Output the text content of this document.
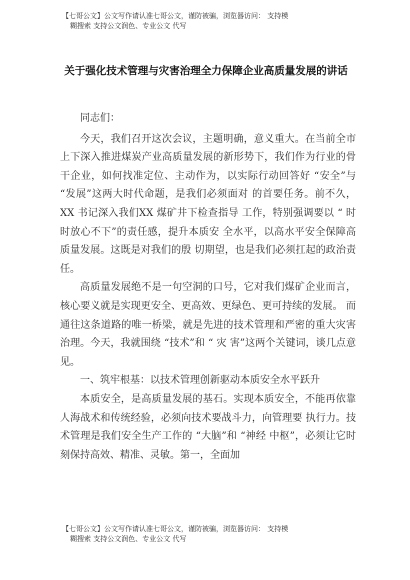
【七哥公文】公文写作请认准七哥公文，谨防被骗，浏览器访问： 支持模
糊搜索 支持公文润色、专业公文 代写
关于强化技术管理与灾害治理全力保障企业高质量发展的讲话

同志们：

今天，我们召开这次会议，主题明确，意义重大。在当前全市上下深入推进煤炭产业高质量发展的新形势下，我们作为行业的骨干企业，如何找准定位、主动作为，以实际行动回答好 “安全”与 “发展”这两大时代命题，是我们必须面对 的首要任务。前不久，XX 书记深入我们XX 煤矿井下检查指导 工作，特别强调要以 “ 时时放心不下”的责任感，提升本质安 全水平，以高水平安全保障高质量发展。这既是对我们的殷 切期望，也是我们必须扛起的政治责任。

高质量发展绝不是一句空洞的口号，它对我们煤矿企业而言，核心要义就是实现更安全、更高效、更绿色、更可持续的发展。 而通往这条道路的唯一桥梁，就是先进的技术管理和严密的重大灾害治理。今天，我就围绕 “技术”和 “ 灾 害”这两个关键词，谈几点意见。

一、筑牢根基：以技术管理创新驱动本质安全水平跃升

本质安全，是高质量发展的基石。实现本质安全，不能再依靠人海战术和传统经验，必须向技术要战斗力，向管理要 执行力。技术管理是我们安全生产工作的 “大脑”和 “神经 中枢”，必须让它时刻保持高效、精准、灵敏。第一，全面加

【七哥公文】公文写作请认准七哥公文，谨防被骗，浏览器访问： 支持模
糊搜索 支持公文润色、专业公文 代写
